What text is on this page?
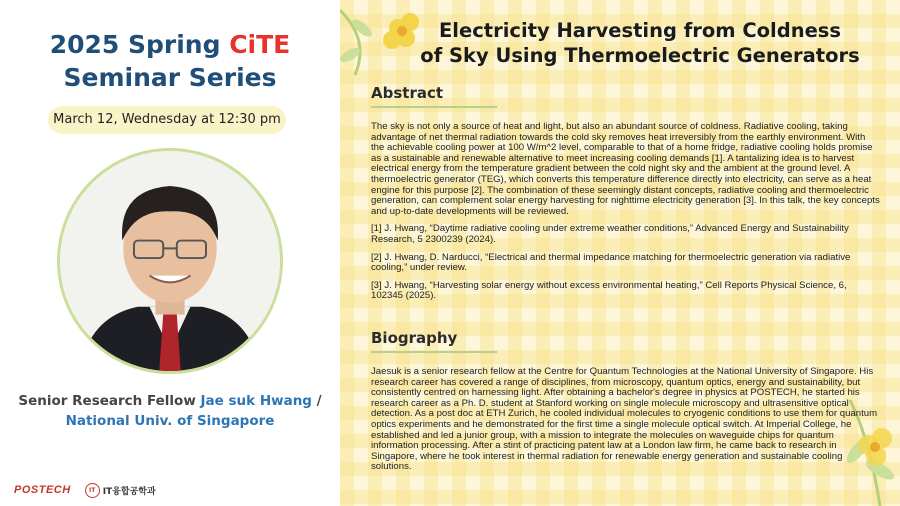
2025 Spring CiTE
Seminar Series
March 12, Wednesday at 12:30 pm
Senior Research Fellow Jae suk Hwang /
National Univ. of Singapore
POSTECH	IT IT융합공학과
Electricity Harvesting from Coldness
of Sky Using Thermoelectric Generators
Abstract
The sky is not only a source of heat and light, but also an abundant source of coldness. Radiative cooling, taking advantage of net thermal radiation towards the cold sky removes heat irreversibly from the earthly environment. With the achievable cooling power at 100 W/m^2 level, comparable to that of a home fridge, radiative cooling holds promise as a sustainable and renewable alternative to meet increasing cooling demands [1]. A tantalizing idea is to harvest electrical energy from the temperature gradient between the cold night sky and the ambient at the ground level. A thermoelectric generator (TEG), which converts this temperature difference directly into electricity, can serve as a heat engine for this purpose [2]. The combination of these seemingly distant concepts, radiative cooling and thermoelectric generation, can complement solar energy harvesting for nighttime electricity generation [3]. In this talk, the key concepts and up-to-date developments will be reviewed.
[1] J. Hwang, “Daytime radiative cooling under extreme weather conditions,” Advanced Energy and Sustainability Research, 5 2300239 (2024).
[2] J. Hwang, D. Narducci, “Electrical and thermal impedance matching for thermoelectric generation via radiative cooling,” under review.
[3] J. Hwang, “Harvesting solar energy without excess environmental heating,” Cell Reports Physical Science, 6, 102345 (2025).
Biography
Jaesuk is a senior research fellow at the Centre for Quantum Technologies at the National University of Singapore. His research career has covered a range of disciplines, from microscopy, quantum optics, energy and sustainability, but consistently centred on harnessing light. After obtaining a bachelor's degree in physics at POSTECH, he started his research career as a Ph. D. student at Stanford working on single molecule microscopy and ultrasensitive optical detection. As a post doc at ETH Zurich, he cooled individual molecules to cryogenic conditions to use them for quantum optics experiments and he demonstrated for the first time a single molecule optical switch. At Imperial College, he established and led a junior group, with a mission to integrate the molecules on waveguide chips for quantum information processing. After a stint of practicing patent law at a London law firm, he came back to research in Singapore, where he took interest in thermal radiation for renewable energy generation and sustainable cooling solutions.
